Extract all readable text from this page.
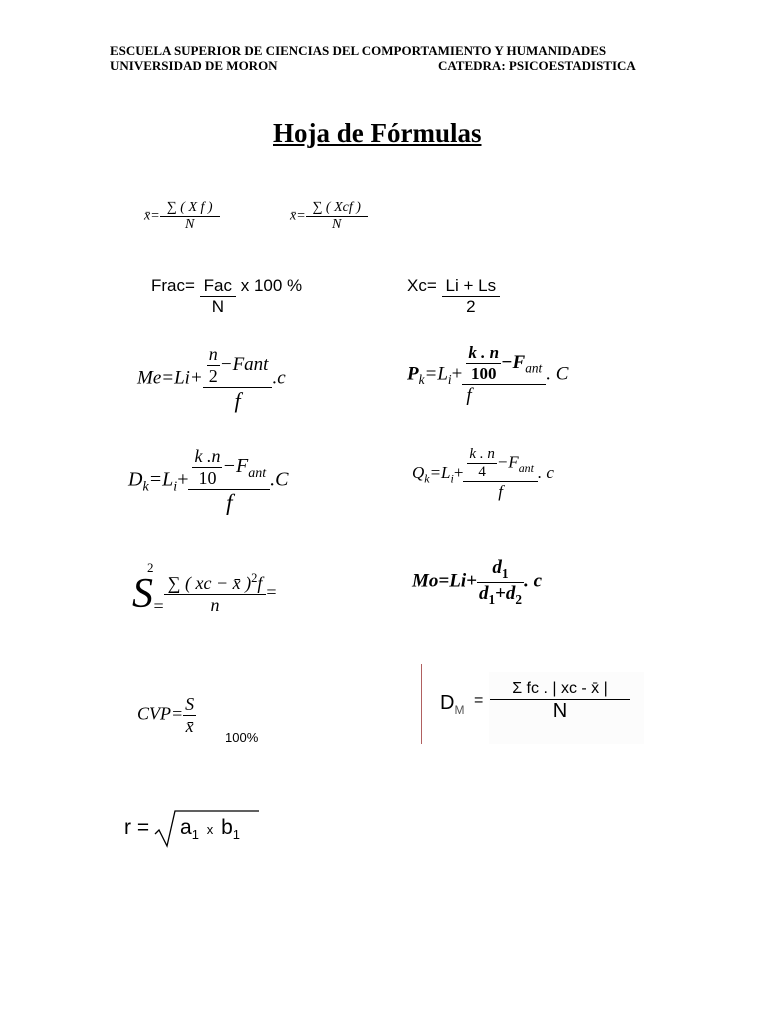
ESCUELA SUPERIOR DE CIENCIAS DEL COMPORTAMIENTO Y HUMANIDADES
UNIVERSIDAD DE MORON	CATEDRA: PSICOESTADISTICA
Hoja de Fórmulas
x̄= $\frac{\text{∑ ( X f )}}{N}$	x̄= $\frac{\text{∑ ( Xcf )}}{N}$
Frac= $\frac{\text{Fac}}{N}$ x 100 %	$Xc= \frac{Li + Ls}{2}$
$Me=Li+ \frac{\frac{n}{2} -Fant}{f} .c$	$P_k=L_i+ \frac{\frac{k . n}{100} -F_{ant}}{f}$ . C
$D_k=L_i+ \frac{\frac{k .n}{10} -F_{ant}}{f} .C$	$Q_k=L_i+ \frac{\frac{k . n}{4} -F_{ant}}{f}$ . c
$S^2= \frac{\sum ( xc - x̄ )^2f}{n}$ =
$Mo=Li+ \frac{d_1}{d_1+d_2}$ . c
$CVP= \frac{S}{x̄}$
100%
$D_M$ =
Σ fc . | xc - x̄ |
N
$r = a_1$ x $b_1$
